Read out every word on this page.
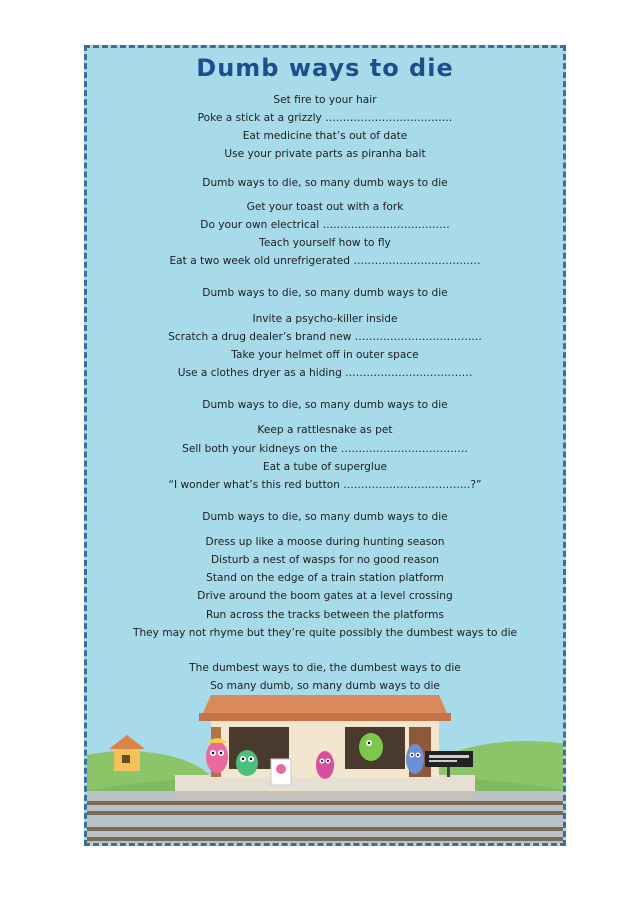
Dumb ways to die
Set fire to your hair
Poke a stick at a grizzly ………………………………
Eat medicine that’s out of date
Use your private parts as piranha bait
Dumb ways to die, so many dumb ways to die
Get your toast out with a fork
Do your own electrical ………………………………
Teach yourself how to fly
Eat a two week old unrefrigerated ………………………………
Dumb ways to die, so many dumb ways to die
Invite a psycho-killer inside
Scratch a drug dealer’s brand new ………………………………
Take your helmet off in outer space
Use a clothes dryer as a hiding ………………………………
Dumb ways to die, so many dumb ways to die
Keep a rattlesnake as pet
Sell both your kidneys on the ………………………………
Eat a tube of superglue
“I wonder what’s this red button ………………………………?”
Dumb ways to die, so many dumb ways to die
Dress up like a moose during hunting season
Disturb a nest of wasps for no good reason
Stand on the edge of a train station platform
Drive around the boom gates at a level crossing
Run across the tracks between the platforms
They may not rhyme but they’re quite possibly the dumbest ways to die
The dumbest ways to die, the dumbest ways to die
So many dumb, so many dumb ways to die
